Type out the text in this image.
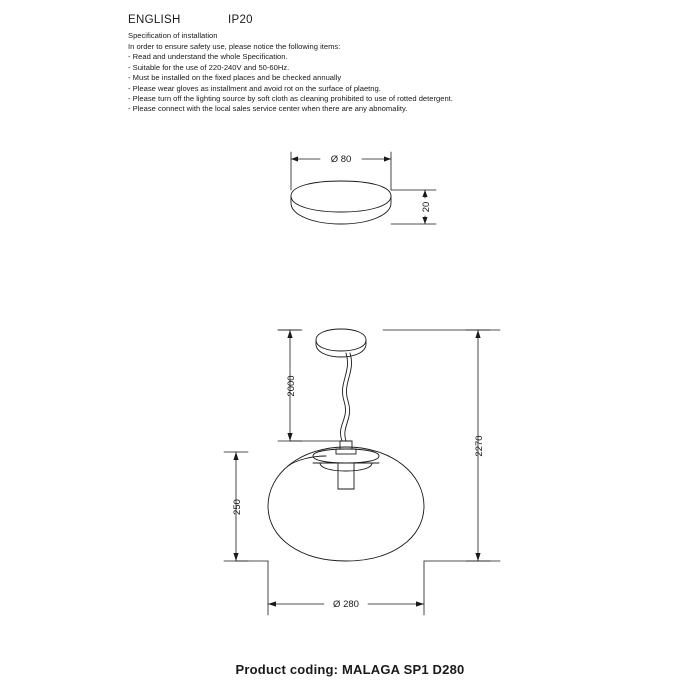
ENGLISH	IP20
Specification of installation
In order to ensure safety use, please notice the following items:
- Read and understand the whole Specification.
- Suitable for the use of 220-240V and 50-60Hz.
- Must be installed on the fixed places and be checked annually
- Please wear gloves as installment and avoid rot on the surface of plaetng.
- Please turn off the lighting source by soft cloth as cleaning prohibited to use of rotted detergent.
- Please connect with the local sales service center when there are any abnomality.
Ø 80
20
2000
250
2270
Ø 280
Product coding: MALAGA SP1 D280
